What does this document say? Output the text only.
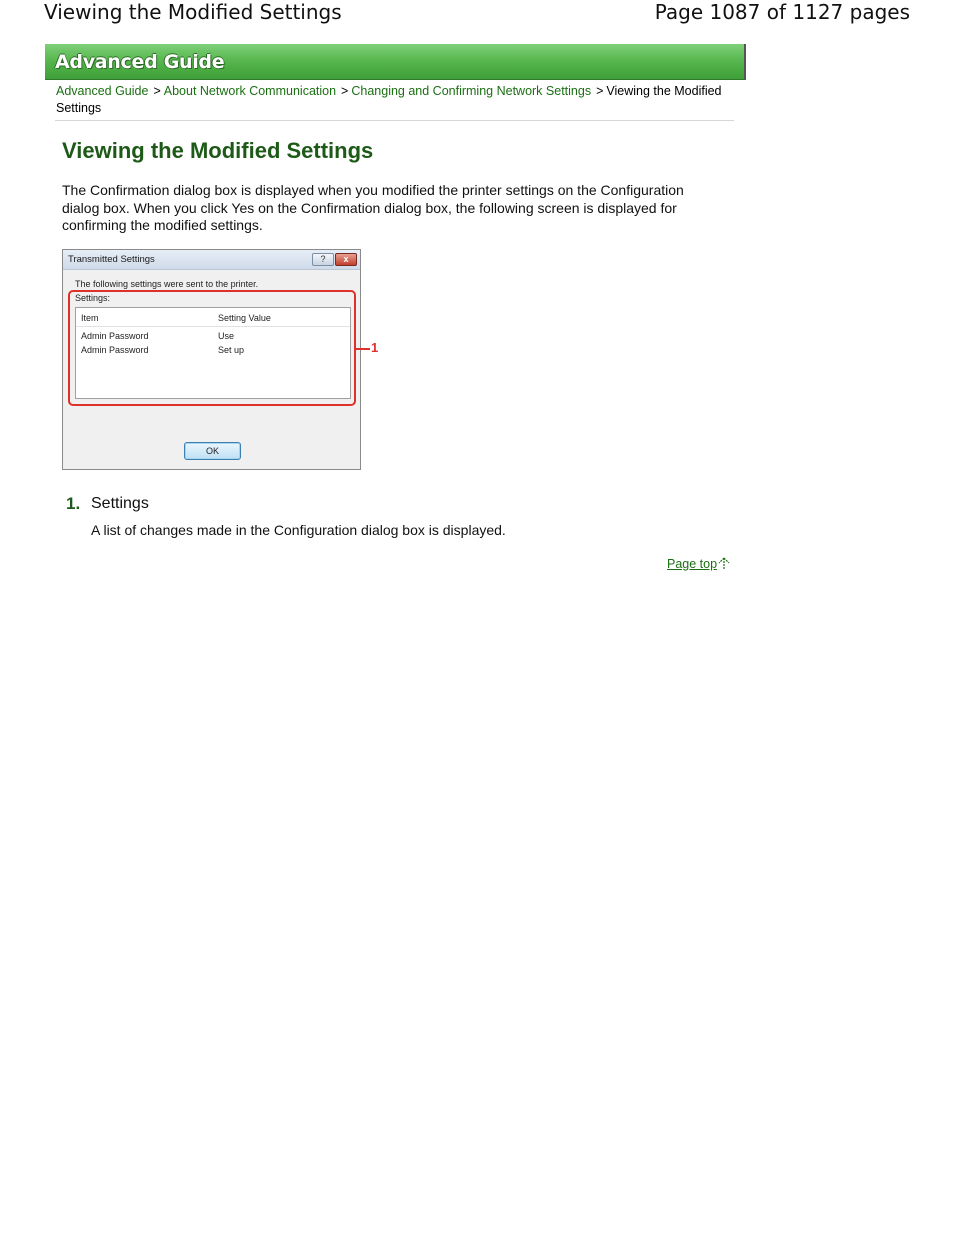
Viewing the Modified Settings	Page 1087 of 1127 pages
Advanced Guide
Advanced Guide > About Network Communication > Changing and Confirming Network Settings > Viewing the Modified Settings
Viewing the Modified Settings

The Confirmation dialog box is displayed when you modified the printer settings on the Configuration dialog box. When you click Yes on the Confirmation dialog box, the following screen is displayed for confirming the modified settings.

Transmitted Settings	?	x
The following settings were sent to the printer.
Settings:
Item	Setting Value
Admin Password	Use
Admin Password	Set up
OK
1
1. Settings
A list of changes made in the Configuration dialog box is displayed.
Page top
